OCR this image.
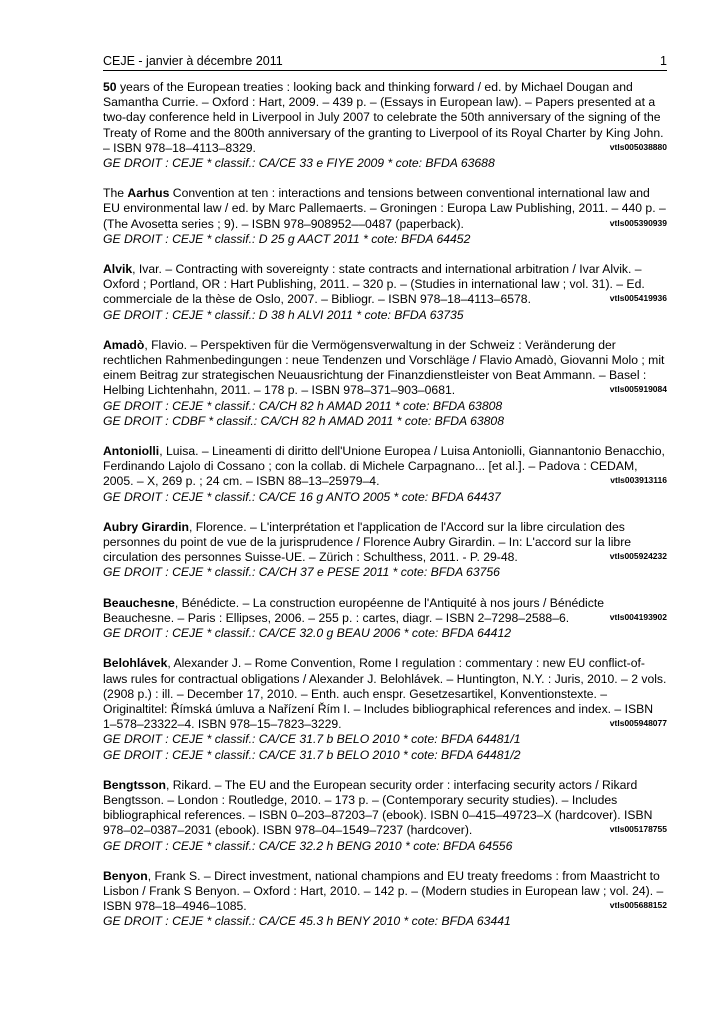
CEJE - janvier à décembre 2011	1

50 years of the European treaties : looking back and thinking forward / ed. by Michael Dougan and Samantha Currie. – Oxford : Hart, 2009. – 439 p. – (Essays in European law). – Papers presented at a two-day conference held in Liverpool in July 2007 to celebrate the 50th anniversary of the signing of the Treaty of Rome and the 800th anniversary of the granting to Liverpool of its Royal Charter by King John. – ISBN 978–18–4113–8329.	vtls005038880

GE DROIT : CEJE * classif.: CA/CE 33 e FIYE 2009 * cote: BFDA 63688

The Aarhus Convention at ten : interactions and tensions between conventional international law and EU environmental law / ed. by Marc Pallemaerts. – Groningen : Europa Law Publishing, 2011. – 440 p. – (The Avosetta series ; 9). – ISBN 978–908952––0487 (paperback).	vtls005390939

GE DROIT : CEJE * classif.: D 25 g AACT 2011 * cote: BFDA 64452

Alvik, Ivar. – Contracting with sovereignty : state contracts and international arbitration / Ivar Alvik. – Oxford ; Portland, OR : Hart Publishing, 2011. – 320 p. – (Studies in international law ; vol. 31). – Ed. commerciale de la thèse de Oslo, 2007. – Bibliogr. – ISBN 978–18–4113–6578.	vtls005419936

GE DROIT : CEJE * classif.: D 38 h ALVI 2011 * cote: BFDA 63735

Amadò, Flavio. – Perspektiven für die Vermögensverwaltung in der Schweiz : Veränderung der rechtlichen Rahmenbedingungen : neue Tendenzen und Vorschläge / Flavio Amadò, Giovanni Molo ; mit einem Beitrag zur strategischen Neuausrichtung der Finanzdienstleister von Beat Ammann. – Basel : Helbing Lichtenhahn, 2011. – 178 p. – ISBN 978–371–903–0681.	vtls005919084

GE DROIT : CEJE * classif.: CA/CH 82 h AMAD 2011 * cote: BFDA 63808

GE DROIT : CDBF * classif.: CA/CH 82 h AMAD 2011 * cote: BFDA 63808

Antoniolli, Luisa. – Lineamenti di diritto dell'Unione Europea / Luisa Antoniolli, Giannantonio Benacchio, Ferdinando Lajolo di Cossano ; con la collab. di Michele Carpagnano... [et al.]. – Padova : CEDAM, 2005. – X, 269 p. ; 24 cm. – ISBN 88–13–25979–4.	vtls003913116

GE DROIT : CEJE * classif.: CA/CE 16 g ANTO 2005 * cote: BFDA 64437

Aubry Girardin, Florence. – L'interprétation et l'application de l'Accord sur la libre circulation des personnes du point de vue de la jurisprudence / Florence Aubry Girardin. – In: L'accord sur la libre circulation des personnes Suisse-UE. – Zürich : Schulthess, 2011. - P. 29-48.	vtls005924232

GE DROIT : CEJE * classif.: CA/CH 37 e PESE 2011 * cote: BFDA 63756

Beauchesne, Bénédicte. – La construction européenne de l'Antiquité à nos jours / Bénédicte Beauchesne. – Paris : Ellipses, 2006. – 255 p. : cartes, diagr. – ISBN 2–7298–2588–6.	vtls004193902

GE DROIT : CEJE * classif.: CA/CE 32.0 g BEAU 2006 * cote: BFDA 64412

Belohlávek, Alexander J. – Rome Convention, Rome I regulation : commentary : new EU conflict-of-laws rules for contractual obligations / Alexander J. Belohlávek. – Huntington, N.Y. : Juris, 2010. – 2 vols. (2908 p.) : ill. – December 17, 2010. – Enth. auch enspr. Gesetzesartikel, Konventionstexte. – Originaltitel: Římská úmluva a Nařízení Řím I. – Includes bibliographical references and index. – ISBN 1–578–23322–4. ISBN 978–15–7823–3229.	vtls005948077

GE DROIT : CEJE * classif.: CA/CE 31.7 b BELO 2010 * cote: BFDA 64481/1

GE DROIT : CEJE * classif.: CA/CE 31.7 b BELO 2010 * cote: BFDA 64481/2

Bengtsson, Rikard. – The EU and the European security order : interfacing security actors / Rikard Bengtsson. – London : Routledge, 2010. – 173 p. – (Contemporary security studies). – Includes bibliographical references. – ISBN 0–203–87203–7 (ebook). ISBN 0–415–49723–X (hardcover). ISBN 978–02–0387–2031 (ebook). ISBN 978–04–1549–7237 (hardcover).	vtls005178755

GE DROIT : CEJE * classif.: CA/CE 32.2 h BENG 2010 * cote: BFDA 64556

Benyon, Frank S. – Direct investment, national champions and EU treaty freedoms : from Maastricht to Lisbon / Frank S Benyon. – Oxford : Hart, 2010. – 142 p. – (Modern studies in European law ; vol. 24). – ISBN 978–18–4946–1085.	vtls005688152

GE DROIT : CEJE * classif.: CA/CE 45.3 h BENY 2010 * cote: BFDA 63441
